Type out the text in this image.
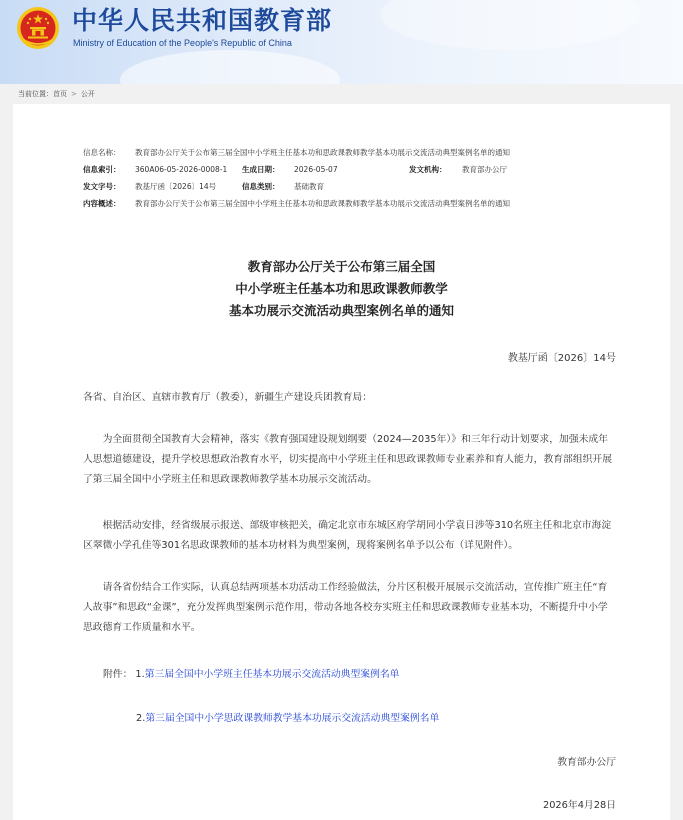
中华人民共和国教育部
Ministry of Education of the People's Republic of China
当前位置：首页 > 公开
信息名称： 教育部办公厅关于公布第三届全国中小学班主任基本功和思政课教师教学基本功展示交流活动典型案例名单的通知
信息索引： 360A06-05-2026-0008-1 生成日期： 2026-05-07	发文机构： 教育部办公厅
发文字号： 教基厅函〔2026〕14号	信息类别： 基础教育
内容概述： 教育部办公厅关于公布第三届全国中小学班主任基本功和思政课教师教学基本功展示交流活动典型案例名单的通知
教育部办公厅关于公布第三届全国
中小学班主任基本功和思政课教师教学
基本功展示交流活动典型案例名单的通知
教基厅函〔2026〕14号
各省、自治区、直辖市教育厅（教委），新疆生产建设兵团教育局：
为全面贯彻全国教育大会精神，落实《教育强国建设规划纲要（2024—2035年）》和三年行动计划要求，加强未成年人思想道德建设，提升学校思想政治教育水平，切实提高中小学班主任和思政课教师专业素养和育人能力，教育部组织开展了第三届全国中小学班主任和思政课教师教学基本功展示交流活动。
根据活动安排，经省级展示报送、部级审核把关，确定北京市东城区府学胡同小学袁日涉等310名班主任和北京市海淀区翠微小学孔佳等301名思政课教师的基本功材料为典型案例，现将案例名单予以公布（详见附件）。
请各省份结合工作实际，认真总结两项基本功活动工作经验做法，分片区积极开展展示交流活动，宣传推广班主任“育人故事”和思政“金课”，充分发挥典型案例示范作用，带动各地各校夯实班主任和思政课教师专业基本功，不断提升中小学思政德育工作质量和水平。
附件： 1.第三届全国中小学班主任基本功展示交流活动典型案例名单
2.第三届全国中小学思政课教师教学基本功展示交流活动典型案例名单
教育部办公厅
2026年4月28日
